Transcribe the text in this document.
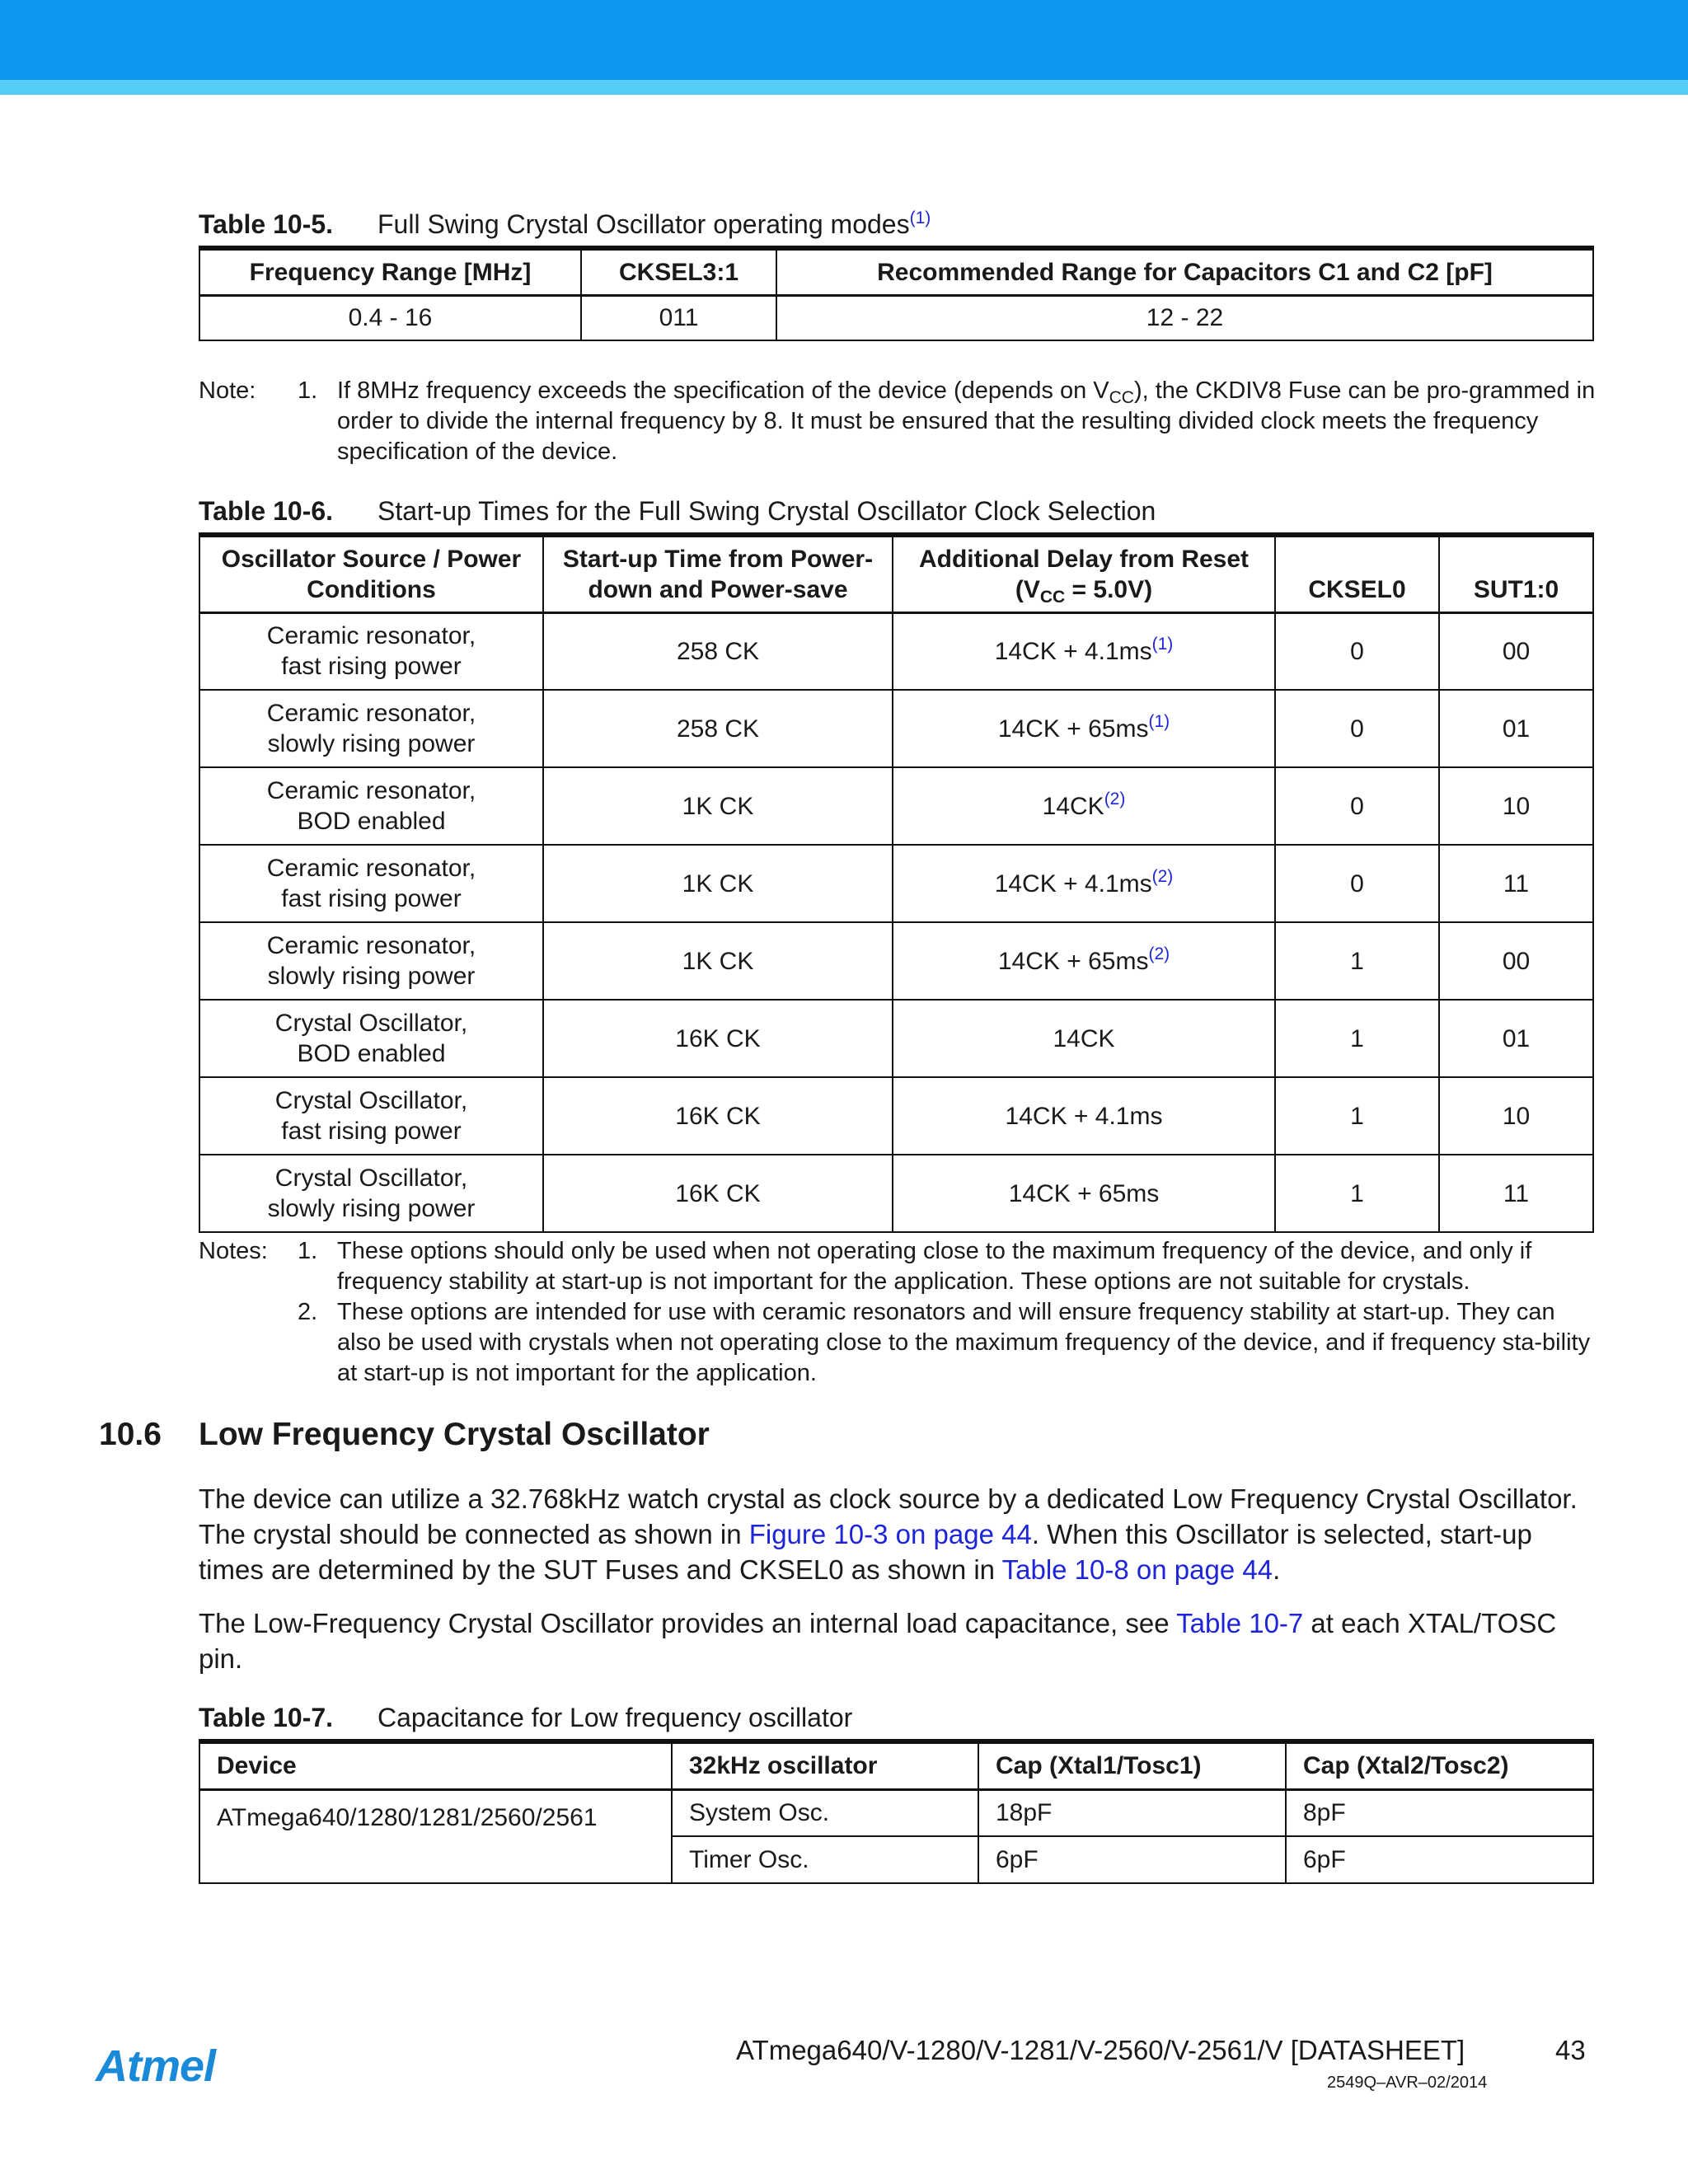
Table 10-5. Full Swing Crystal Oscillator operating modes$^{(1)}$
Frequency Range [MHz]	CKSEL3:1	Recommended Range for Capacitors C1 and C2 [pF]
0.4 - 16	011	12 - 22
Note: 1. If 8MHz frequency exceeds the specification of the device (depends on $V_{CC}$), the CKDIV8 Fuse can be pro-grammed in order to divide the internal frequency by 8. It must be ensured that the resulting divided clock meets the frequency specification of the device.
Table 10-6. Start-up Times for the Full Swing Crystal Oscillator Clock Selection
Oscillator Source / Power Conditions	Start-up Time from Power-down and Power-save	Additional Delay from Reset $(V_{CC} = 5.0V)$	CKSEL0	SUT1:0
Ceramic resonator,
fast rising power	258 CK	$14CK + 4.1ms^{(1)}$	0	00
Ceramic resonator,
slowly rising power	258 CK	$14CK + 65ms^{(1)}$	0	01
Ceramic resonator,
BOD enabled	1K CK	14CK$^{(2)}$	0	10
Ceramic resonator,
fast rising power	1K CK	$14CK + 4.1ms^{(2)}$	0	11
Ceramic resonator,
slowly rising power	1K CK	$14CK + 65ms^{(2)}$	1	00
Crystal Oscillator,
BOD enabled	16K CK	14CK	1	01
Crystal Oscillator,
fast rising power	16K CK	14CK + 4.1ms	1	10
Crystal Oscillator,
slowly rising power	16K CK	14CK + 65ms	1	11
Notes: 1. These options should only be used when not operating close to the maximum frequency of the device, and only if frequency stability at start-up is not important for the application. These options are not suitable for crystals.
2. These options are intended for use with ceramic resonators and will ensure frequency stability at start-up. They can also be used with crystals when not operating close to the maximum frequency of the device, and if frequency sta-bility at start-up is not important for the application.
10.6 Low Frequency Crystal Oscillator
The device can utilize a 32.768kHz watch crystal as clock source by a dedicated Low Frequency Crystal Oscillator. The crystal should be connected as shown in Figure 10-3 on page 44. When this Oscillator is selected, start-up times are determined by the SUT Fuses and CKSEL0 as shown in Table 10-8 on page 44.
The Low-Frequency Crystal Oscillator provides an internal load capacitance, see Table 10-7 at each XTAL/TOSC pin.
Table 10-7. Capacitance for Low frequency oscillator
Device	32kHz oscillator	Cap (Xtal1/Tosc1)	Cap (Xtal2/Tosc2)
ATmega640/1280/1281/2560/2561	System Osc.	18pF	8pF
	Timer Osc.	6pF	6pF
Atmel	ATmega640/V-1280/V-1281/V-2560/V-2561/V [DATASHEET]	43
2549Q–AVR–02/2014
